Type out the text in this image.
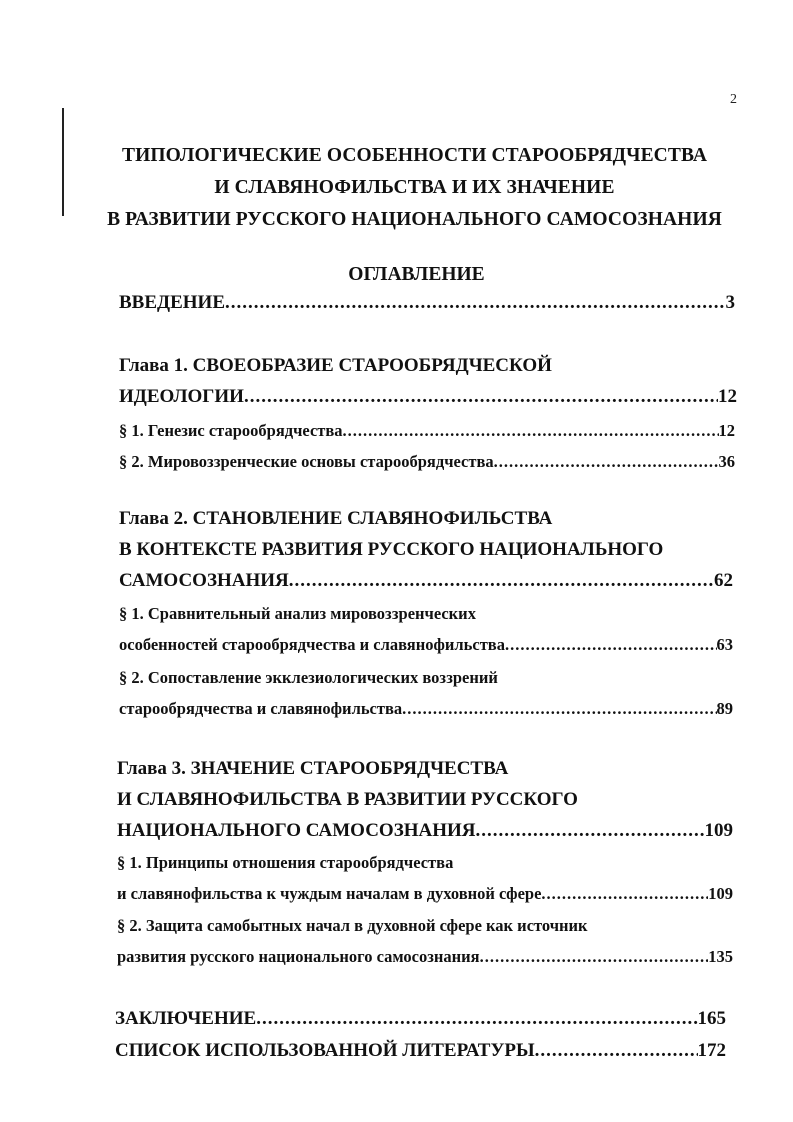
2
ТИПОЛОГИЧЕСКИЕ ОСОБЕННОСТИ СТАРООБРЯДЧЕСТВА
И СЛАВЯНОФИЛЬСТВА И ИХ ЗНАЧЕНИЕ
В РАЗВИТИИ РУССКОГО НАЦИОНАЛЬНОГО САМОСОЗНАНИЯ
ОГЛАВЛЕНИЕ
ВВЕДЕНИЕ .....	3
Глава 1. СВОЕОБРАЗИЕ СТАРООБРЯДЧЕСКОЙ
ИДЕОЛОГИИ .....	12
§ 1. Генезис старообрядчества .....	12
§ 2. Мировоззренческие основы старообрядчества .....	36
Глава 2. СТАНОВЛЕНИЕ СЛАВЯНОФИЛЬСТВА
В КОНТЕКСТЕ РАЗВИТИЯ РУССКОГО НАЦИОНАЛЬНОГО
САМОСОЗНАНИЯ .....	62
§ 1. Сравнительный анализ мировоззренческих
особенностей старообрядчества и славянофильства .....	63
§ 2. Сопоставление экклезиологических воззрений
старообрядчества и славянофильства .....	89
Глава 3. ЗНАЧЕНИЕ СТАРООБРЯДЧЕСТВА
И СЛАВЯНОФИЛЬСТВА В РАЗВИТИИ РУССКОГО
НАЦИОНАЛЬНОГО САМОСОЗНАНИЯ .....	109
§ 1. Принципы отношения старообрядчества
и славянофильства к чуждым началам в духовной сфере .....	109
§ 2. Защита самобытных начал в духовной сфере как источник
развития русского национального самосознания .....	135
ЗАКЛЮЧЕНИЕ .....	165
СПИСОК ИСПОЛЬЗОВАННОЙ ЛИТЕРАТУРЫ .....	172
